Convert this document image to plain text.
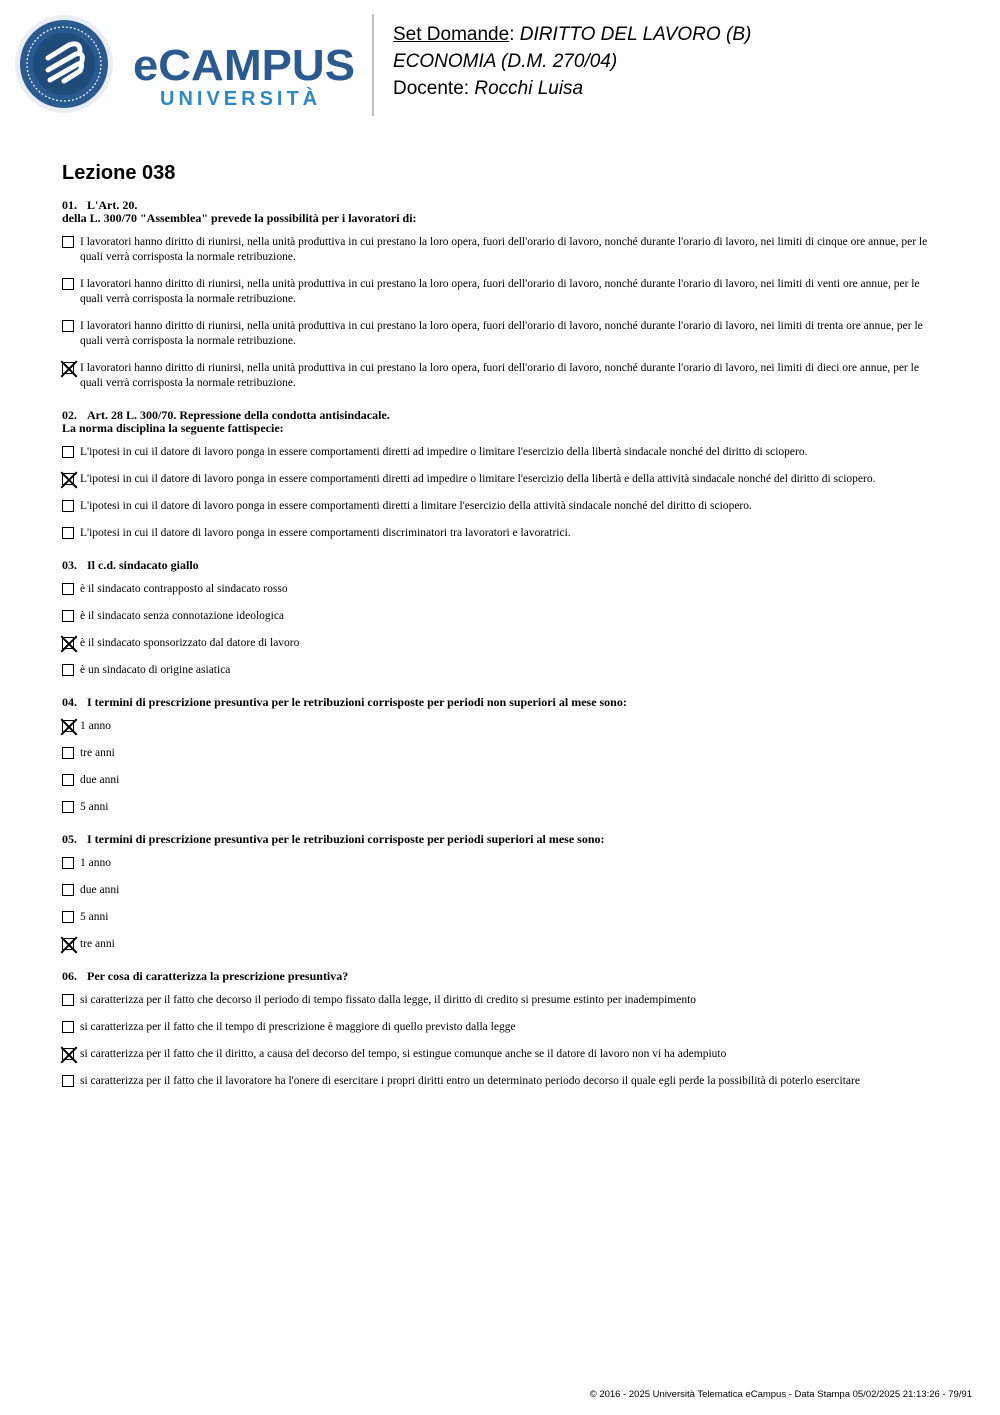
eCAMPUS
UNIVERSITÀ
Set Domande: DIRITTO DEL LAVORO (B)
ECONOMIA (D.M. 270/04)
Docente: Rocchi Luisa
Lezione 038
01. L'Art. 20.
della L. 300/70 "Assemblea" prevede la possibilità per i lavoratori di:
I lavoratori hanno diritto di riunirsi, nella unità produttiva in cui prestano la loro opera, fuori dell'orario di lavoro, nonché durante l'orario di lavoro, nei limiti di cinque ore annue, per le quali verrà corrisposta la normale retribuzione.
I lavoratori hanno diritto di riunirsi, nella unità produttiva in cui prestano la loro opera, fuori dell'orario di lavoro, nonché durante l'orario di lavoro, nei limiti di venti ore annue, per le quali verrà corrisposta la normale retribuzione.
I lavoratori hanno diritto di riunirsi, nella unità produttiva in cui prestano la loro opera, fuori dell'orario di lavoro, nonché durante l'orario di lavoro, nei limiti di trenta ore annue, per le quali verrà corrisposta la normale retribuzione.
I lavoratori hanno diritto di riunirsi, nella unità produttiva in cui prestano la loro opera, fuori dell'orario di lavoro, nonché durante l'orario di lavoro, nei limiti di dieci ore annue, per le quali verrà corrisposta la normale retribuzione.
02. Art. 28 L. 300/70. Repressione della condotta antisindacale.
La norma disciplina la seguente fattispecie:
L'ipotesi in cui il datore di lavoro ponga in essere comportamenti diretti ad impedire o limitare l'esercizio della libertà sindacale nonché del diritto di sciopero.
L'ipotesi in cui il datore di lavoro ponga in essere comportamenti diretti ad impedire o limitare l'esercizio della libertà e della attività sindacale nonché del diritto di sciopero.
L'ipotesi in cui il datore di lavoro ponga in essere comportamenti diretti a limitare l'esercizio della attività sindacale nonché del diritto di sciopero.
L'ipotesi in cui il datore di lavoro ponga in essere comportamenti discriminatori tra lavoratori e lavoratrici.
03. Il c.d. sindacato giallo
è il sindacato contrapposto al sindacato rosso
è il sindacato senza connotazione ideologica
è il sindacato sponsorizzato dal datore di lavoro
è un sindacato di origine asiatica
04. I termini di prescrizione presuntiva per le retribuzioni corrisposte per periodi non superiori al mese sono:
1 anno
tre anni
due anni
5 anni
05. I termini di prescrizione presuntiva per le retribuzioni corrisposte per periodi superiori al mese sono:
1 anno
due anni
5 anni
tre anni
06. Per cosa di caratterizza la prescrizione presuntiva?
si caratterizza per il fatto che decorso il periodo di tempo fissato dalla legge, il diritto di credito si presume estinto per inadempimento
si caratterizza per il fatto che il tempo di prescrizione è maggiore di quello previsto dalla legge
si caratterizza per il fatto che il diritto, a causa del decorso del tempo, si estingue comunque anche se il datore di lavoro non vi ha adempiuto
si caratterizza per il fatto che il lavoratore ha l'onere di esercitare i propri diritti entro un determinato periodo decorso il quale egli perde la possibilità di poterlo esercitare
© 2016 - 2025 Università Telematica eCampus - Data Stampa 05/02/2025 21:13:26 - 79/91
